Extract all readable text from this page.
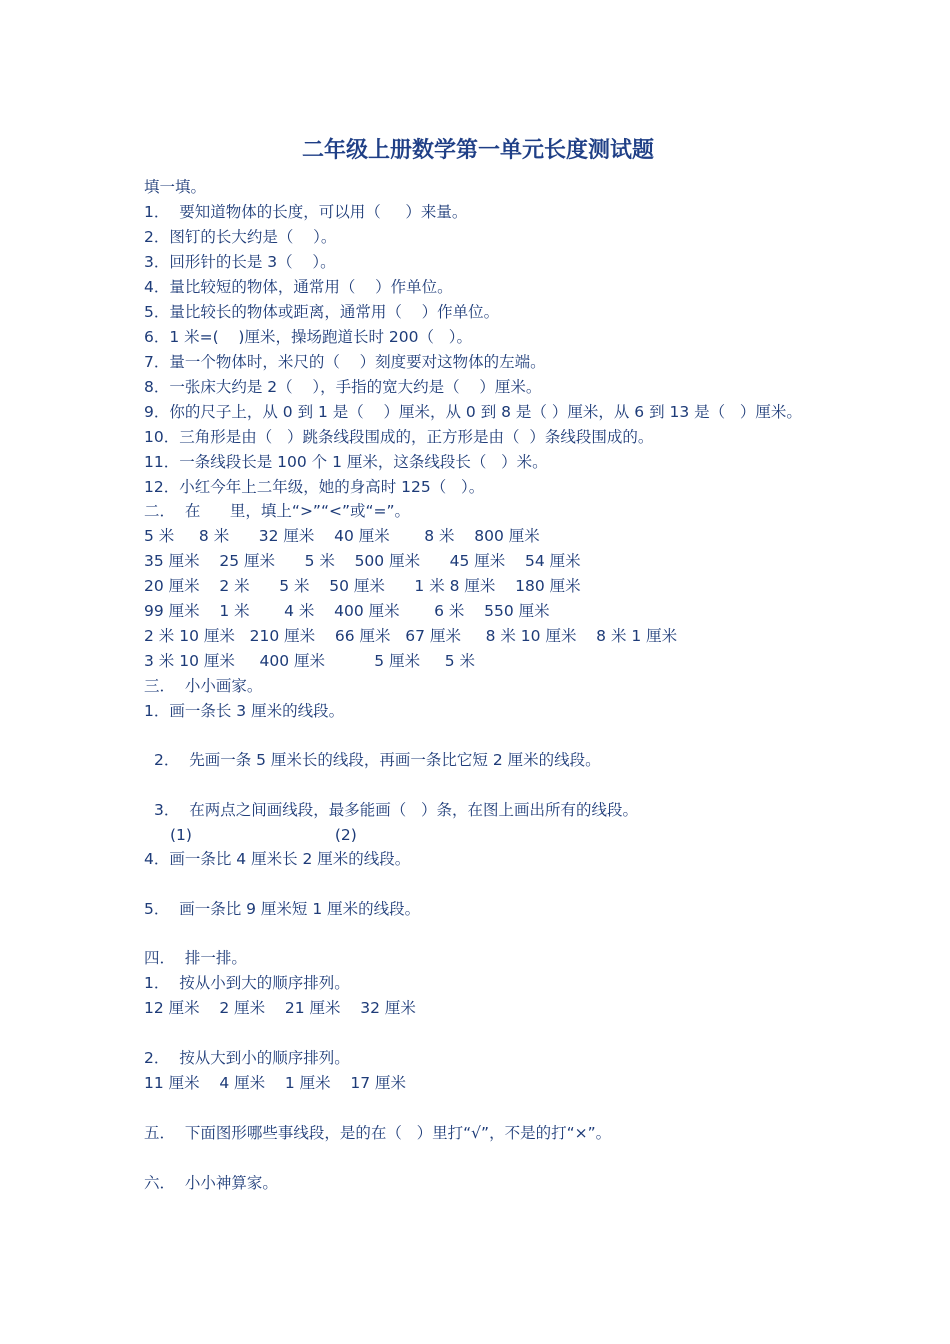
二年级上册数学第一单元长度测试题
填一填。
1．  要知道物体的长度，可以用（     ）来量。
2．图钉的长大约是（    ）。
3．回形针的长是 3（    ）。
4．量比较短的物体，通常用（    ）作单位。
5．量比较长的物体或距离，通常用（    ）作单位。
6．1 米=(    )厘米，操场跑道长时 200（   ）。
7．量一个物体时，米尺的（    ）刻度要对这物体的左端。
8．一张床大约是 2（    ），手指的宽大约是（    ）厘米。
9．你的尺子上，从 0 到 1 是（    ）厘米，从 0 到 8 是（ ）厘米，从 6 到 13 是（   ）厘米。
10．三角形是由（   ）跳条线段围成的，正方形是由（  ）条线段围成的。
11．一条线段长是 100 个 1 厘米，这条线段长（   ）米。
12．小红今年上二年级，她的身高时 125（   ）。
二．  在      里，填上“>”“<”或“=”。
5 米     8 米      32 厘米    40 厘米       8 米    800 厘米
35 厘米    25 厘米      5 米    500 厘米      45 厘米    54 厘米
20 厘米    2 米      5 米    50 厘米      1 米 8 厘米    180 厘米
99 厘米    1 米       4 米    400 厘米       6 米    550 厘米
2 米 10 厘米   210 厘米    66 厘米   67 厘米     8 米 10 厘米    8 米 1 厘米
3 米 10 厘米     400 厘米          5 厘米     5 米
三．  小小画家。
1．画一条长 3 厘米的线段。
2．  先画一条 5 厘米长的线段，再画一条比它短 2 厘米的线段。
3．  在两点之间画线段，最多能画（   ）条，在图上画出所有的线段。
(1)                             (2)
4．画一条比 4 厘米长 2 厘米的线段。
5．  画一条比 9 厘米短 1 厘米的线段。
四．  排一排。
1．  按从小到大的顺序排列。
12 厘米    2 厘米    21 厘米    32 厘米
2．  按从大到小的顺序排列。
11 厘米    4 厘米    1 厘米    17 厘米
五．  下面图形哪些事线段，是的在（   ）里打“√”，不是的打“×”。
六．  小小神算家。
